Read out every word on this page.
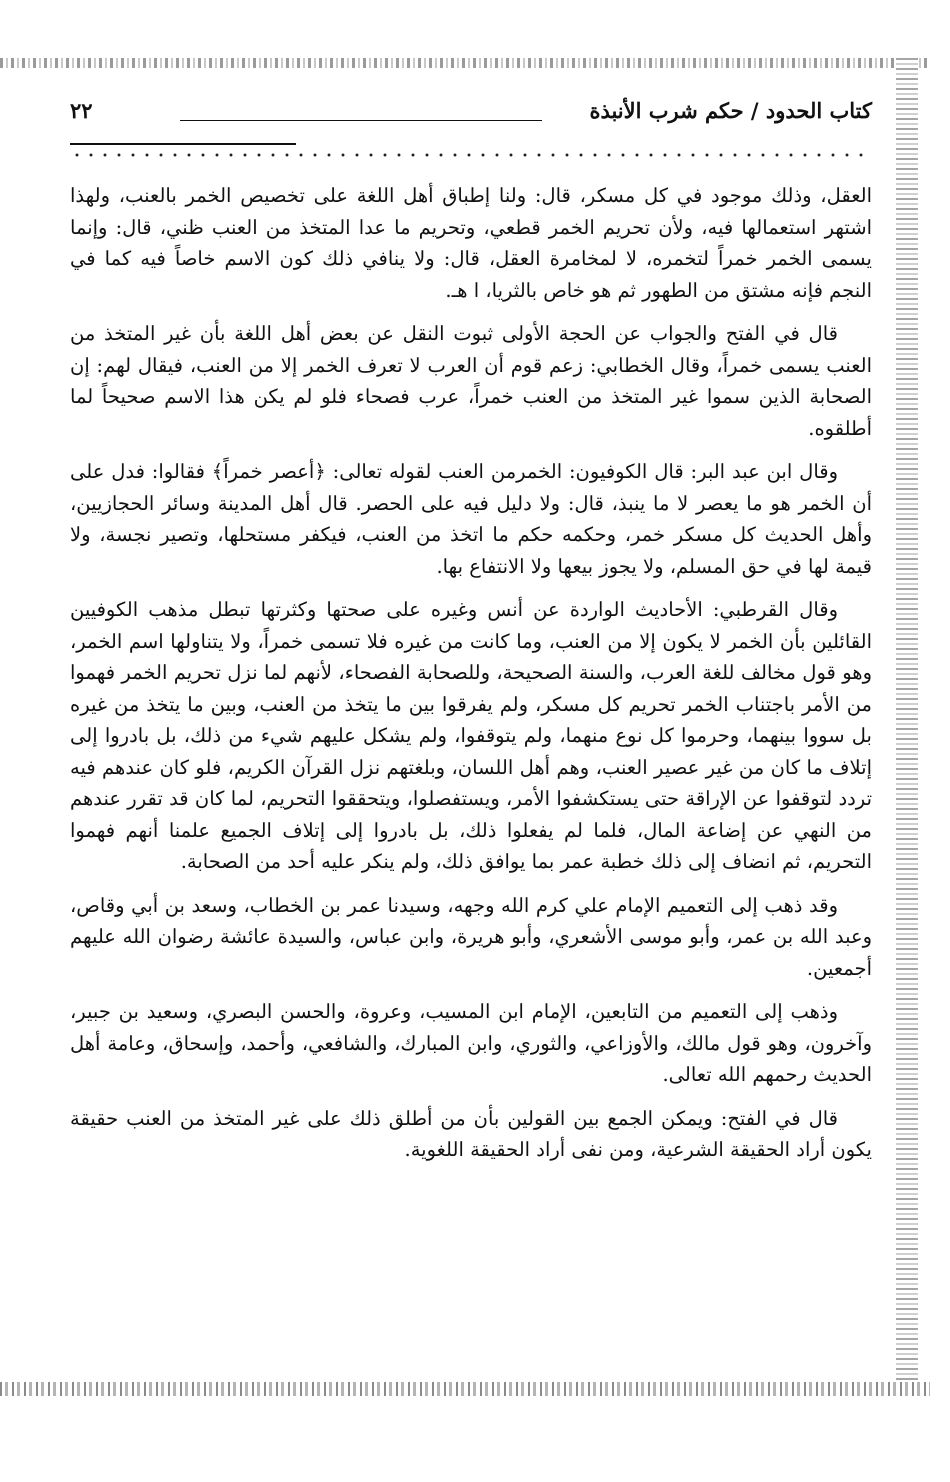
كتاب الحدود / حكم شرب الأنبذة
٢٢

العقل، وذلك موجود في كل مسكر، قال: ولنا إطباق أهل اللغة على تخصيص الخمر بالعنب، ولهذا اشتهر استعمالها فيه، ولأن تحريم الخمر قطعي، وتحريم ما عدا المتخذ من العنب ظني، قال: وإنما يسمى الخمر خمراً لتخمره، لا لمخامرة العقل، قال: ولا ينافي ذلك كون الاسم خاصاً فيه كما في النجم فإنه مشتق من الطهور ثم هو خاص بالثريا، ا هـ.

قال في الفتح والجواب عن الحجة الأولى ثبوت النقل عن بعض أهل اللغة بأن غير المتخذ من العنب يسمى خمراً، وقال الخطابي: زعم قوم أن العرب لا تعرف الخمر إلا من العنب، فيقال لهم: إن الصحابة الذين سموا غير المتخذ من العنب خمراً، عرب فصحاء فلو لم يكن هذا الاسم صحيحاً لما أطلقوه.

وقال ابن عبد البر: قال الكوفيون: الخمرمن العنب لقوله تعالى: ﴿أعصر خمراً﴾ فقالوا: فدل على أن الخمر هو ما يعصر لا ما ينبذ، قال: ولا دليل فيه على الحصر. قال أهل المدينة وسائر الحجازيين، وأهل الحديث كل مسكر خمر، وحكمه حكم ما اتخذ من العنب، فيكفر مستحلها، وتصير نجسة، ولا قيمة لها في حق المسلم، ولا يجوز بيعها ولا الانتفاع بها.

وقال القرطبي: الأحاديث الواردة عن أنس وغيره على صحتها وكثرتها تبطل مذهب الكوفيين القائلين بأن الخمر لا يكون إلا من العنب، وما كانت من غيره فلا تسمى خمراً، ولا يتناولها اسم الخمر، وهو قول مخالف للغة العرب، والسنة الصحيحة، وللصحابة الفصحاء، لأنهم لما نزل تحريم الخمر فهموا من الأمر باجتناب الخمر تحريم كل مسكر، ولم يفرقوا بين ما يتخذ من العنب، وبين ما يتخذ من غيره بل سووا بينهما، وحرموا كل نوع منهما، ولم يتوقفوا، ولم يشكل عليهم شيء من ذلك، بل بادروا إلى إتلاف ما كان من غير عصير العنب، وهم أهل اللسان، وبلغتهم نزل القرآن الكريم، فلو كان عندهم فيه تردد لتوقفوا عن الإراقة حتى يستكشفوا الأمر، ويستفصلوا، ويتحققوا التحريم، لما كان قد تقرر عندهم من النهي عن إضاعة المال، فلما لم يفعلوا ذلك، بل بادروا إلى إتلاف الجميع علمنا أنهم فهموا التحريم، ثم انضاف إلى ذلك خطبة عمر بما يوافق ذلك، ولم ينكر عليه أحد من الصحابة.

وقد ذهب إلى التعميم الإمام علي كرم الله وجهه، وسيدنا عمر بن الخطاب، وسعد بن أبي وقاص، وعبد الله بن عمر، وأبو موسى الأشعري، وأبو هريرة، وابن عباس، والسيدة عائشة رضوان الله عليهم أجمعين.

وذهب إلى التعميم من التابعين، الإمام ابن المسيب، وعروة، والحسن البصري، وسعيد بن جبير، وآخرون، وهو قول مالك، والأوزاعي، والثوري، وابن المبارك، والشافعي، وأحمد، وإسحاق، وعامة أهل الحديث رحمهم الله تعالى.

قال في الفتح: ويمكن الجمع بين القولين بأن من أطلق ذلك على غير المتخذ من العنب حقيقة يكون أراد الحقيقة الشرعية، ومن نفى أراد الحقيقة اللغوية.
